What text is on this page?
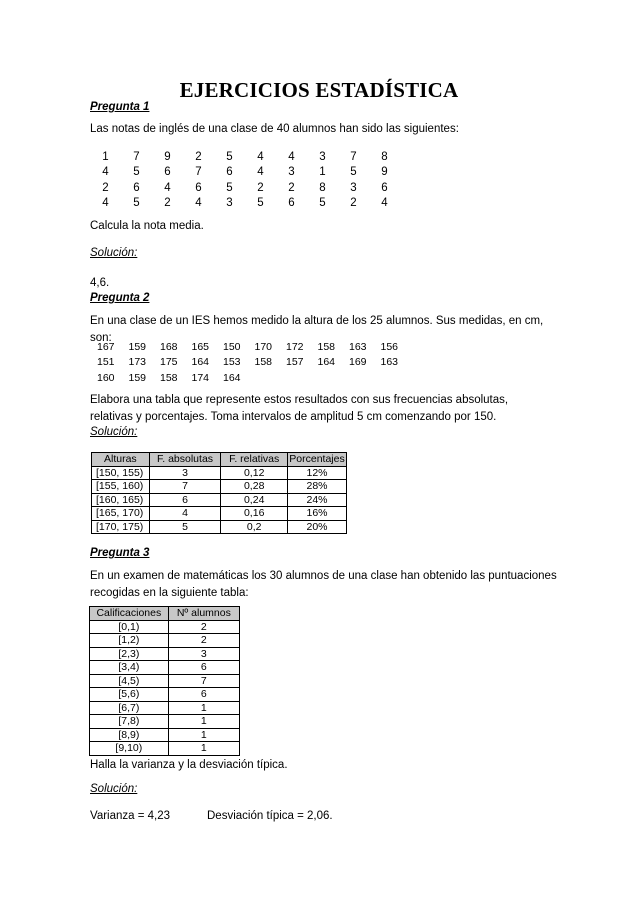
EJERCICIOS ESTADÍSTICA
Pregunta 1
Las notas de inglés de una clase de 40 alumnos han sido las siguientes:
1	7	9	2	5	4	4	3	7	8
4	5	6	7	6	4	3	1	5	9
2	6	4	6	5	2	2	8	3	6
4	5	2	4	3	5	6	5	2	4
Calcula la nota media.
Solución:
4,6.
Pregunta 2
En una clase de un IES hemos medido la altura de los 25 alumnos. Sus medidas, en cm, son:
167	159	168	165	150	170	172	158	163	156
151	173	175	164	153	158	157	164	169	163
160	159	158	174	164					
Elabora una tabla que represente estos resultados con sus frecuencias absolutas, relativas y porcentajes. Toma intervalos de amplitud 5 cm comenzando por 150.
Solución:
Alturas	F. absolutas	F. relativas	Porcentajes
[150, 155)	3	0,12	12%
[155, 160)	7	0,28	28%
[160, 165)	6	0,24	24%
[165, 170)	4	0,16	16%
[170, 175)	5	0,2	20%
Pregunta 3
En un examen de matemáticas los 30 alumnos de una clase han obtenido las puntuaciones recogidas en la siguiente tabla:
Calificaciones	Nº alumnos
[0,1)	2
[1,2)	2
[2,3)	3
[3,4)	6
[4,5)	7
[5,6)	6
[6,7)	1
[7,8)	1
[8,9)	1
[9,10)	1
Halla la varianza y la desviación típica.
Solución:
Varianza = 4,23	Desviación típica = 2,06.
